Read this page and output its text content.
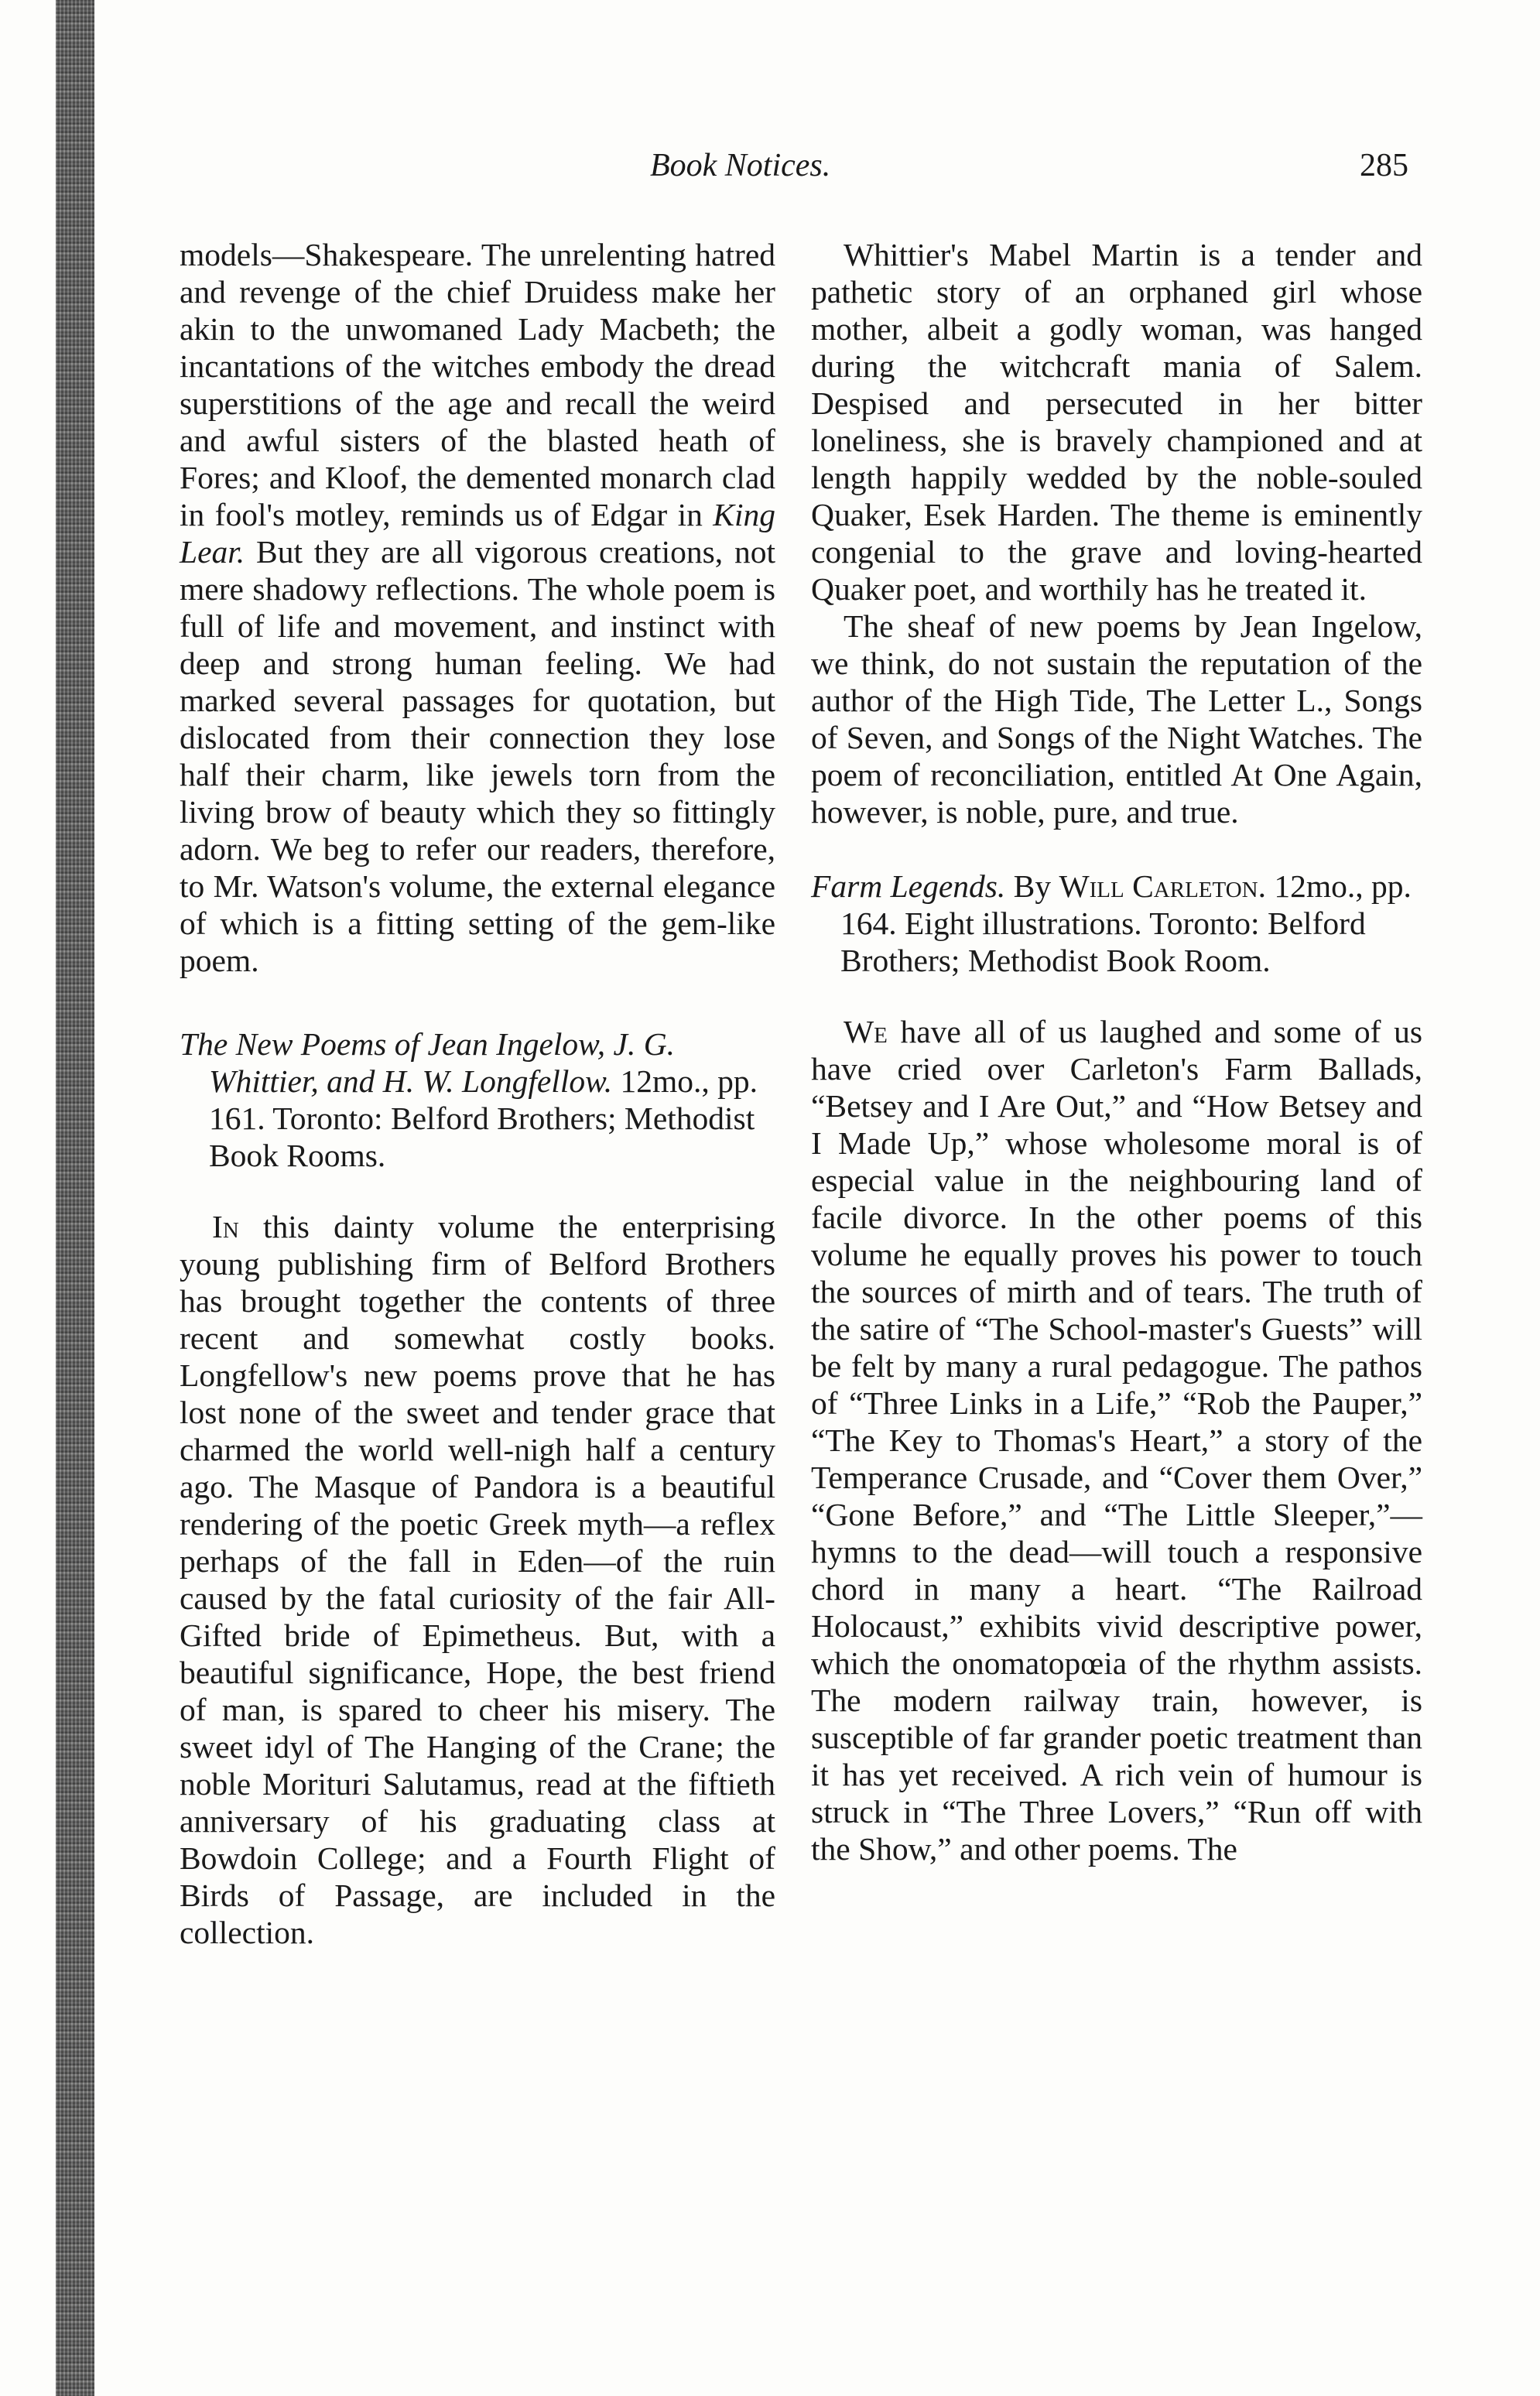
Book Notices.	285

models—Shakespeare. The unrelenting hatred and revenge of the chief Druidess make her akin to the unwomaned Lady Macbeth; the incantations of the witches embody the dread superstitions of the age and recall the weird and awful sisters of the blasted heath of Fores; and Kloof, the demented monarch clad in fool's motley, reminds us of Edgar in King Lear. But they are all vigorous creations, not mere shadowy reflections. The whole poem is full of life and movement, and instinct with deep and strong human feeling. We had marked several passages for quotation, but dislocated from their connection they lose half their charm, like jewels torn from the living brow of beauty which they so fittingly adorn. We beg to refer our readers, therefore, to Mr. Watson's volume, the external elegance of which is a fitting setting of the gem-like poem.

The New Poems of Jean Ingelow, J. G. Whittier, and H. W. Longfellow. 12mo., pp. 161. Toronto: Belford Brothers; Methodist Book Rooms.

In this dainty volume the enterprising young publishing firm of Belford Brothers has brought together the contents of three recent and somewhat costly books. Longfellow's new poems prove that he has lost none of the sweet and tender grace that charmed the world well-nigh half a century ago. The Masque of Pandora is a beautiful rendering of the poetic Greek myth—a reflex perhaps of the fall in Eden—of the ruin caused by the fatal curiosity of the fair All-Gifted bride of Epimetheus. But, with a beautiful significance, Hope, the best friend of man, is spared to cheer his misery. The sweet idyl of The Hanging of the Crane; the noble Morituri Salutamus, read at the fiftieth anniversary of his graduating class at Bowdoin College; and a Fourth Flight of Birds of Passage, are included in the collection.

Whittier's Mabel Martin is a tender and pathetic story of an orphaned girl whose mother, albeit a godly woman, was hanged during the witchcraft mania of Salem. Despised and persecuted in her bitter loneliness, she is bravely championed and at length happily wedded by the noble-souled Quaker, Esek Harden. The theme is eminently congenial to the grave and loving-hearted Quaker poet, and worthily has he treated it.

The sheaf of new poems by Jean Ingelow, we think, do not sustain the reputation of the author of the High Tide, The Letter L., Songs of Seven, and Songs of the Night Watches. The poem of reconciliation, entitled At One Again, however, is noble, pure, and true.

Farm Legends. By Will Carleton. 12mo., pp. 164. Eight illustrations. Toronto: Belford Brothers; Methodist Book Room.

We have all of us laughed and some of us have cried over Carleton's Farm Ballads, “Betsey and I Are Out,” and “How Betsey and I Made Up,” whose wholesome moral is of especial value in the neighbouring land of facile divorce. In the other poems of this volume he equally proves his power to touch the sources of mirth and of tears. The truth of the satire of “The School-master's Guests” will be felt by many a rural pedagogue. The pathos of “Three Links in a Life,” “Rob the Pauper,” “The Key to Thomas's Heart,” a story of the Temperance Crusade, and “Cover them Over,” “Gone Before,” and “The Little Sleeper,”—hymns to the dead—will touch a responsive chord in many a heart. “The Railroad Holocaust,” exhibits vivid descriptive power, which the onomatopœia of the rhythm assists. The modern railway train, however, is susceptible of far grander poetic treatment than it has yet received. A rich vein of humour is struck in “The Three Lovers,” “Run off with the Show,” and other poems. The
